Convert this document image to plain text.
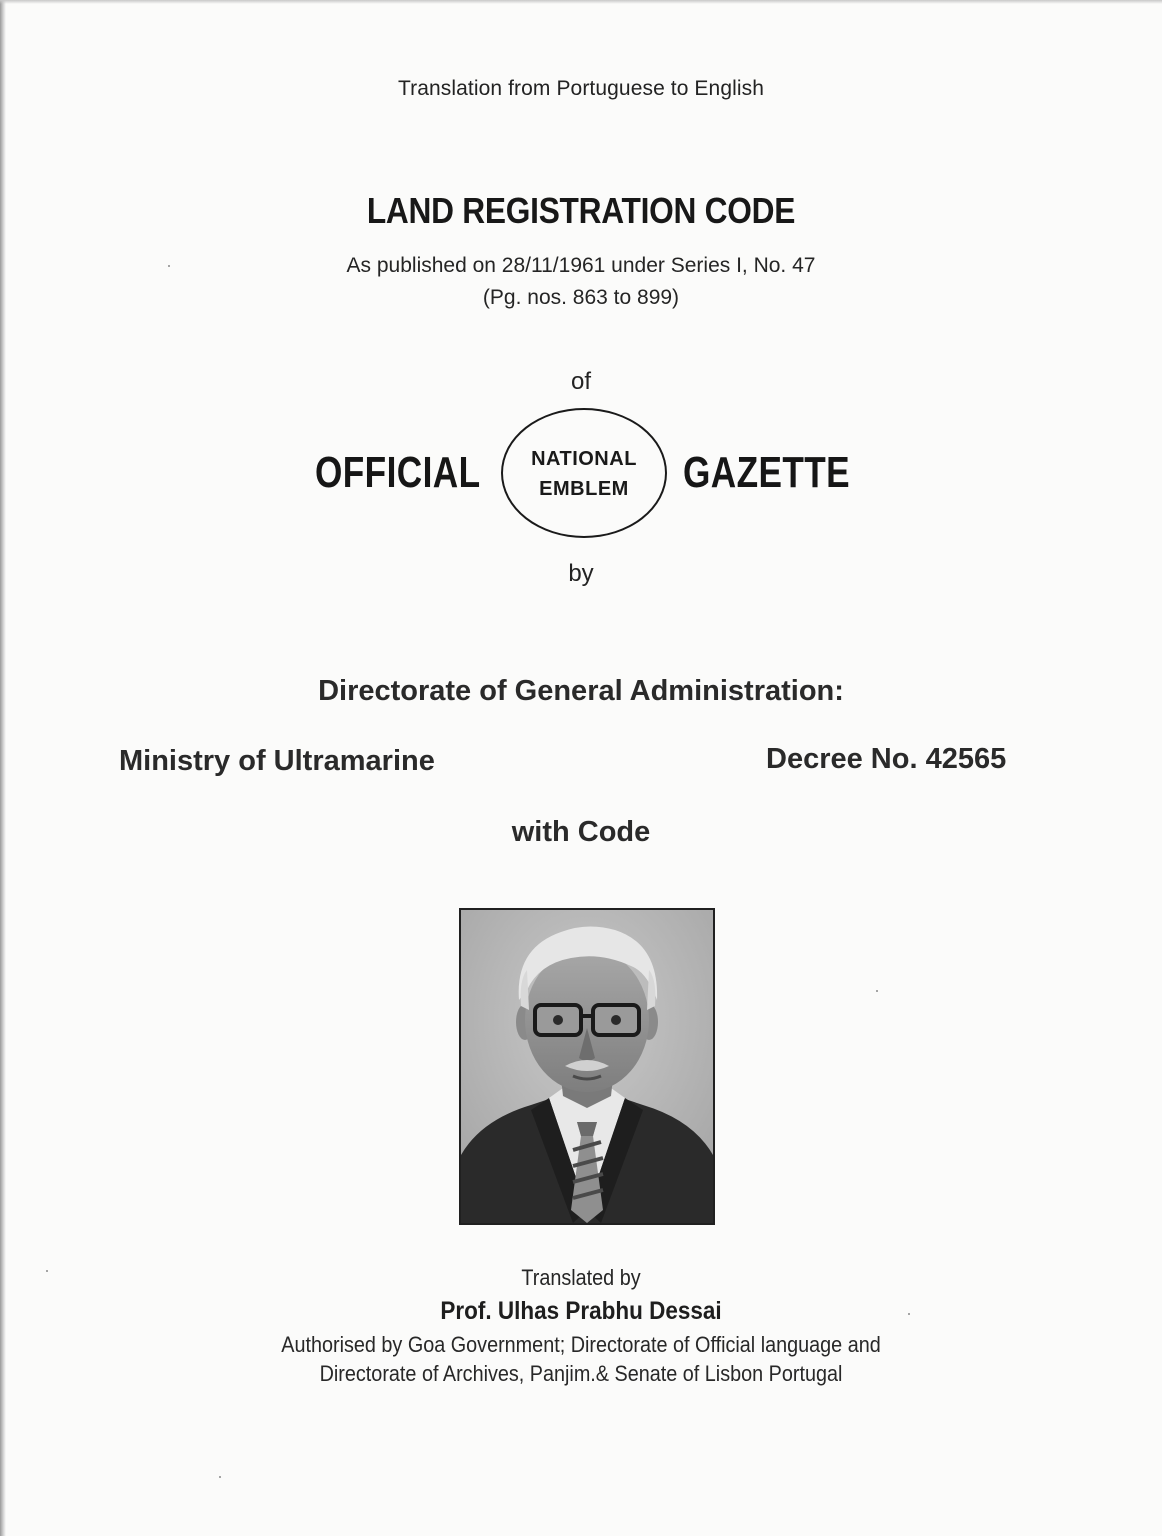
Translation from Portuguese to English
LAND REGISTRATION CODE
As published on 28/11/1961 under Series I, No. 47
(Pg. nos. 863 to 899)
of
OFFICIAL	NATIONAL
EMBLEM	GAZETTE
by
Directorate of General Administration:
Ministry of Ultramarine	Decree No. 42565
with Code
Translated by
Prof. Ulhas Prabhu Dessai
Authorised by Goa Government; Directorate of Official language and
Directorate of Archives, Panjim.& Senate of Lisbon Portugal
